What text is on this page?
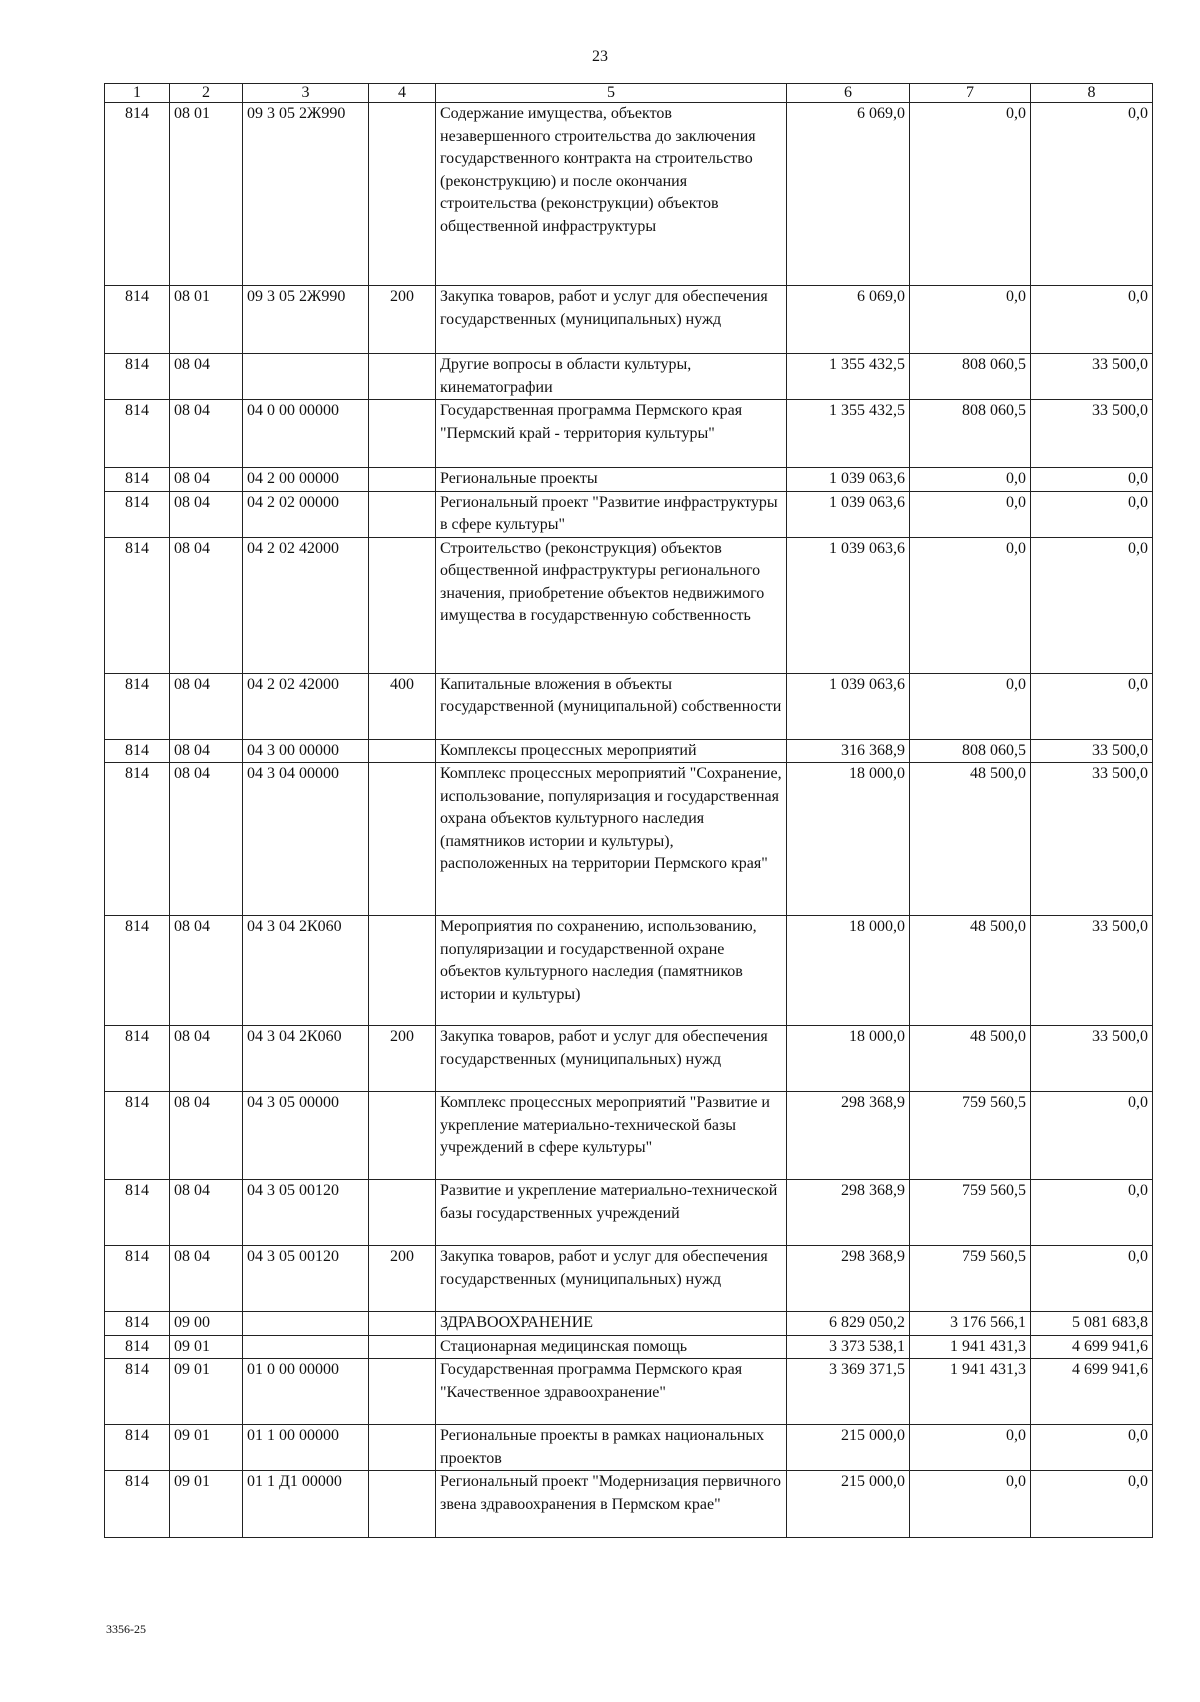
23
1	2	3	4	5	6	7	8
814	08 01	09 3 05 2Ж990		Содержание имущества, объектов незавершенного строительства до заключения государственного контракта на строительство (реконструкцию) и после окончания строительства (реконструкции) объектов общественной инфраструктуры	6 069,0	0,0	0,0
814	08 01	09 3 05 2Ж990	200	Закупка товаров, работ и услуг для обеспечения государственных (муниципальных) нужд	6 069,0	0,0	0,0
814	08 04			Другие вопросы в области культуры, кинематографии	1 355 432,5	808 060,5	33 500,0
814	08 04	04 0 00 00000		Государственная программа Пермского края "Пермский край - территория культуры"	1 355 432,5	808 060,5	33 500,0
814	08 04	04 2 00 00000		Региональные проекты	1 039 063,6	0,0	0,0
814	08 04	04 2 02 00000		Региональный проект "Развитие инфраструктуры в сфере культуры"	1 039 063,6	0,0	0,0
814	08 04	04 2 02 42000		Строительство (реконструкция) объектов общественной инфраструктуры регионального значения, приобретение объектов недвижимого имущества в государственную собственность	1 039 063,6	0,0	0,0
814	08 04	04 2 02 42000	400	Капитальные вложения в объекты государственной (муниципальной) собственности	1 039 063,6	0,0	0,0
814	08 04	04 3 00 00000		Комплексы процессных мероприятий	316 368,9	808 060,5	33 500,0
814	08 04	04 3 04 00000		Комплекс процессных мероприятий "Сохранение, использование, популяризация и государственная охрана объектов культурного наследия (памятников истории и культуры), расположенных на территории Пермского края"	18 000,0	48 500,0	33 500,0
814	08 04	04 3 04 2К060		Мероприятия по сохранению, использованию, популяризации и государственной охране объектов культурного наследия (памятников истории и культуры)	18 000,0	48 500,0	33 500,0
814	08 04	04 3 04 2К060	200	Закупка товаров, работ и услуг для обеспечения государственных (муниципальных) нужд	18 000,0	48 500,0	33 500,0
814	08 04	04 3 05 00000		Комплекс процессных мероприятий "Развитие и укрепление материально-технической базы учреждений в сфере культуры"	298 368,9	759 560,5	0,0
814	08 04	04 3 05 00120		Развитие и укрепление материально-технической базы государственных учреждений	298 368,9	759 560,5	0,0
814	08 04	04 3 05 00120	200	Закупка товаров, работ и услуг для обеспечения государственных (муниципальных) нужд	298 368,9	759 560,5	0,0
814	09 00			ЗДРАВООХРАНЕНИЕ	6 829 050,2	3 176 566,1	5 081 683,8
814	09 01			Стационарная медицинская помощь	3 373 538,1	1 941 431,3	4 699 941,6
814	09 01	01 0 00 00000		Государственная программа Пермского края "Качественное здравоохранение"	3 369 371,5	1 941 431,3	4 699 941,6
814	09 01	01 1 00 00000		Региональные проекты в рамках национальных проектов	215 000,0	0,0	0,0
814	09 01	01 1 Д1 00000		Региональный проект "Модернизация первичного звена здравоохранения в Пермском крае"	215 000,0	0,0	0,0
3356-25
